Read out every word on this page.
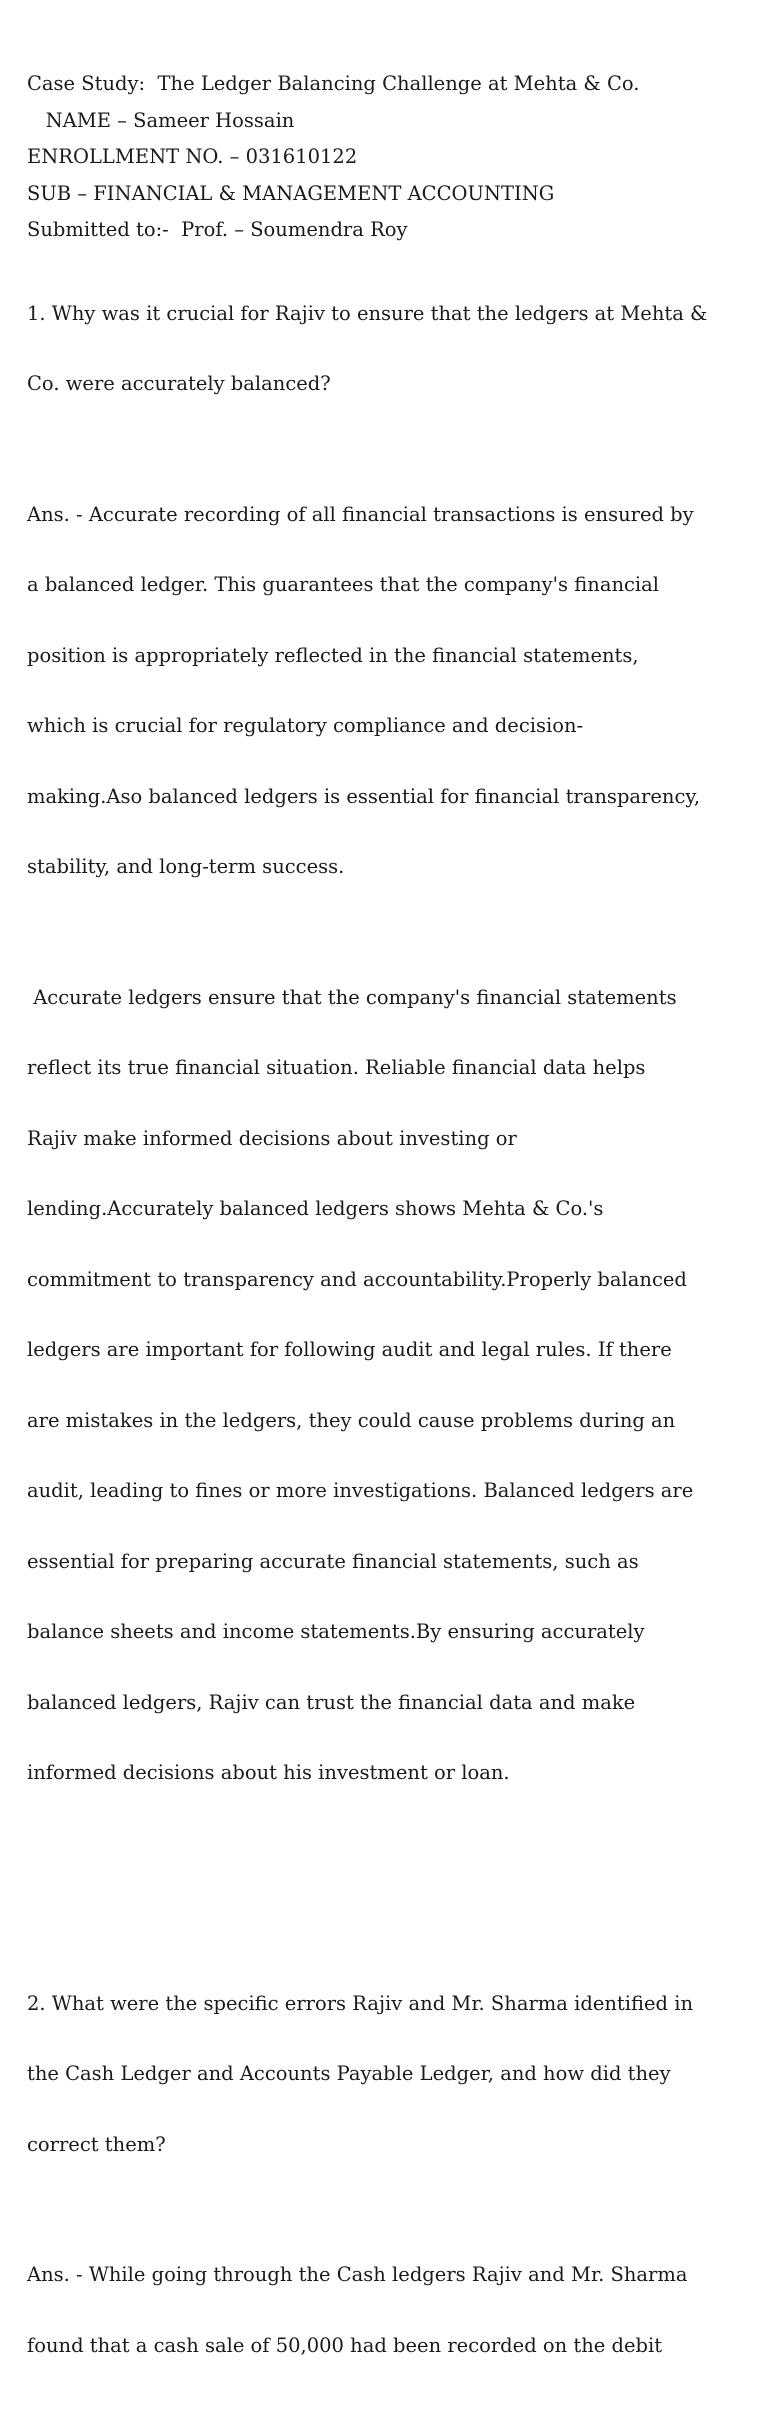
Case Study:  The Ledger Balancing Challenge at Mehta & Co.
NAME – Sameer Hossain
ENROLLMENT NO. – 031610122
SUB – FINANCIAL & MANAGEMENT ACCOUNTING
Submitted to:-  Prof. – Soumendra Roy

1. Why was it crucial for Rajiv to ensure that the ledgers at Mehta &

Co. were accurately balanced?

Ans. - Accurate recording of all financial transactions is ensured by

a balanced ledger. This guarantees that the company's financial

position is appropriately reflected in the financial statements,

which is crucial for regulatory compliance and decision-

making.Aso balanced ledgers is essential for financial transparency,

stability, and long-term success.

Accurate ledgers ensure that the company's financial statements

reflect its true financial situation. Reliable financial data helps

Rajiv make informed decisions about investing or

lending.Accurately balanced ledgers shows Mehta & Co.'s

commitment to transparency and accountability.Properly balanced

ledgers are important for following audit and legal rules. If there

are mistakes in the ledgers, they could cause problems during an

audit, leading to fines or more investigations. Balanced ledgers are

essential for preparing accurate financial statements, such as

balance sheets and income statements.By ensuring accurately

balanced ledgers, Rajiv can trust the financial data and make

informed decisions about his investment or loan.

2. What were the specific errors Rajiv and Mr. Sharma identified in

the Cash Ledger and Accounts Payable Ledger, and how did they

correct them?

Ans. - While going through the Cash ledgers Rajiv and Mr. Sharma

found that a cash sale of 50,000 had been recorded on the debit
